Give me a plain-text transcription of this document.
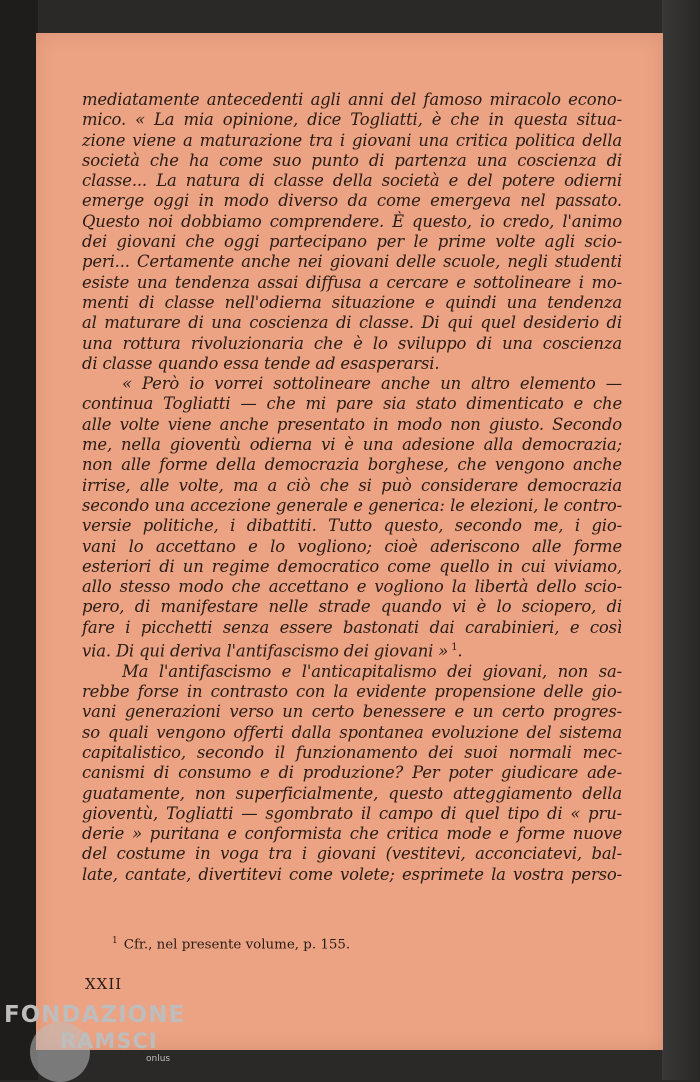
mediatamente antecedenti agli anni del famoso miracolo econo-
mico. « La mia opinione, dice Togliatti, è che in questa situa-
zione viene a maturazione tra i giovani una critica politica della
società che ha come suo punto di partenza una coscienza di
classe... La natura di classe della società e del potere odierni
emerge oggi in modo diverso da come emergeva nel passato.
Questo noi dobbiamo comprendere. È questo, io credo, l'animo
dei giovani che oggi partecipano per le prime volte agli scio-
peri... Certamente anche nei giovani delle scuole, negli studenti
esiste una tendenza assai diffusa a cercare e sottolineare i mo-
menti di classe nell'odierna situazione e quindi una tendenza
al maturare di una coscienza di classe. Di qui quel desiderio di
una rottura rivoluzionaria che è lo sviluppo di una coscienza
di classe quando essa tende ad esasperarsi.
« Però io vorrei sottolineare anche un altro elemento —
continua Togliatti — che mi pare sia stato dimenticato e che
alle volte viene anche presentato in modo non giusto. Secondo
me, nella gioventù odierna vi è una adesione alla democrazia;
non alle forme della democrazia borghese, che vengono anche
irrise, alle volte, ma a ciò che si può considerare democrazia
secondo una accezione generale e generica: le elezioni, le contro-
versie politiche, i dibattiti. Tutto questo, secondo me, i gio-
vani lo accettano e lo vogliono; cioè aderiscono alle forme
esteriori di un regime democratico come quello in cui viviamo,
allo stesso modo che accettano e vogliono la libertà dello scio-
pero, di manifestare nelle strade quando vi è lo sciopero, di
fare i picchetti senza essere bastonati dai carabinieri, e così
via. Di qui deriva l'antifascismo dei giovani » $^1$.
Ma l'antifascismo e l'anticapitalismo dei giovani, non sa-
rebbe forse in contrasto con la evidente propensione delle gio-
vani generazioni verso un certo benessere e un certo progres-
so quali vengono offerti dalla spontanea evoluzione del sistema
capitalistico, secondo il funzionamento dei suoi normali mec-
canismi di consumo e di produzione? Per poter giudicare ade-
guatamente, non superficialmente, questo atteggiamento della
gioventù, Togliatti — sgombrato il campo di quel tipo di « pru-
derie » puritana e conformista che critica mode e forme nuove
del costume in voga tra i giovani (vestitevi, acconciatevi, bal-
late, cantate, divertitevi come volete; esprimete la vostra perso-
$^1$ Cfr., nel presente volume, p. 155.
XXII
FONDAZIONE
RAMSCI
onlus
